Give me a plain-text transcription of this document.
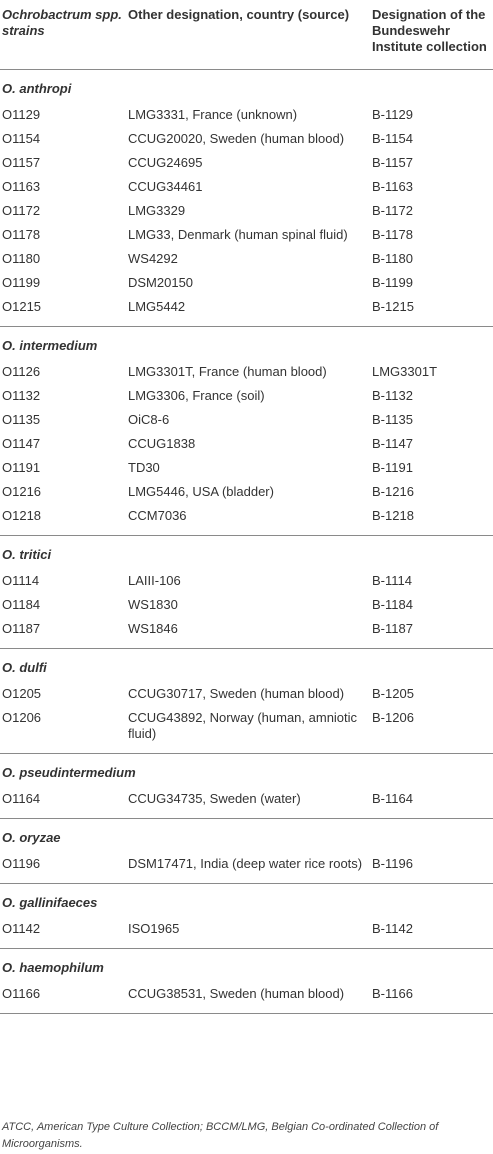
Ochrobactrum spp. strains	Other designation, country (source)	Designation of the Bundeswehr Institute collection
O. anthropi		
O1129	LMG3331, France (unknown)	B-1129
O1154	CCUG20020, Sweden (human blood)	B-1154
O1157	CCUG24695	B-1157
O1163	CCUG34461	B-1163
O1172	LMG3329	B-1172
O1178	LMG33, Denmark (human spinal fluid)	B-1178
O1180	WS4292	B-1180
O1199	DSM20150	B-1199
O1215	LMG5442	B-1215
O. intermedium		
O1126	LMG3301T, France (human blood)	LMG3301T
O1132	LMG3306, France (soil)	B-1132
O1135	OiC8-6	B-1135
O1147	CCUG1838	B-1147
O1191	TD30	B-1191
O1216	LMG5446, USA (bladder)	B-1216
O1218	CCM7036	B-1218
O. tritici		
O1114	LAIII-106	B-1114
O1184	WS1830	B-1184
O1187	WS1846	B-1187
O. dulfi		
O1205	CCUG30717, Sweden (human blood)	B-1205
O1206	CCUG43892, Norway (human, amniotic fluid)	B-1206
O. pseudintermedium		
O1164	CCUG34735, Sweden (water)	B-1164
O. oryzae		
O1196	DSM17471, India (deep water rice roots)	B-1196
O. gallinifaeces		
O1142	ISO1965	B-1142
O. haemophilum		
O1166	CCUG38531, Sweden (human blood)	B-1166
ATCC, American Type Culture Collection; BCCM/LMG, Belgian Co-ordinated Collection of Microorganisms.
